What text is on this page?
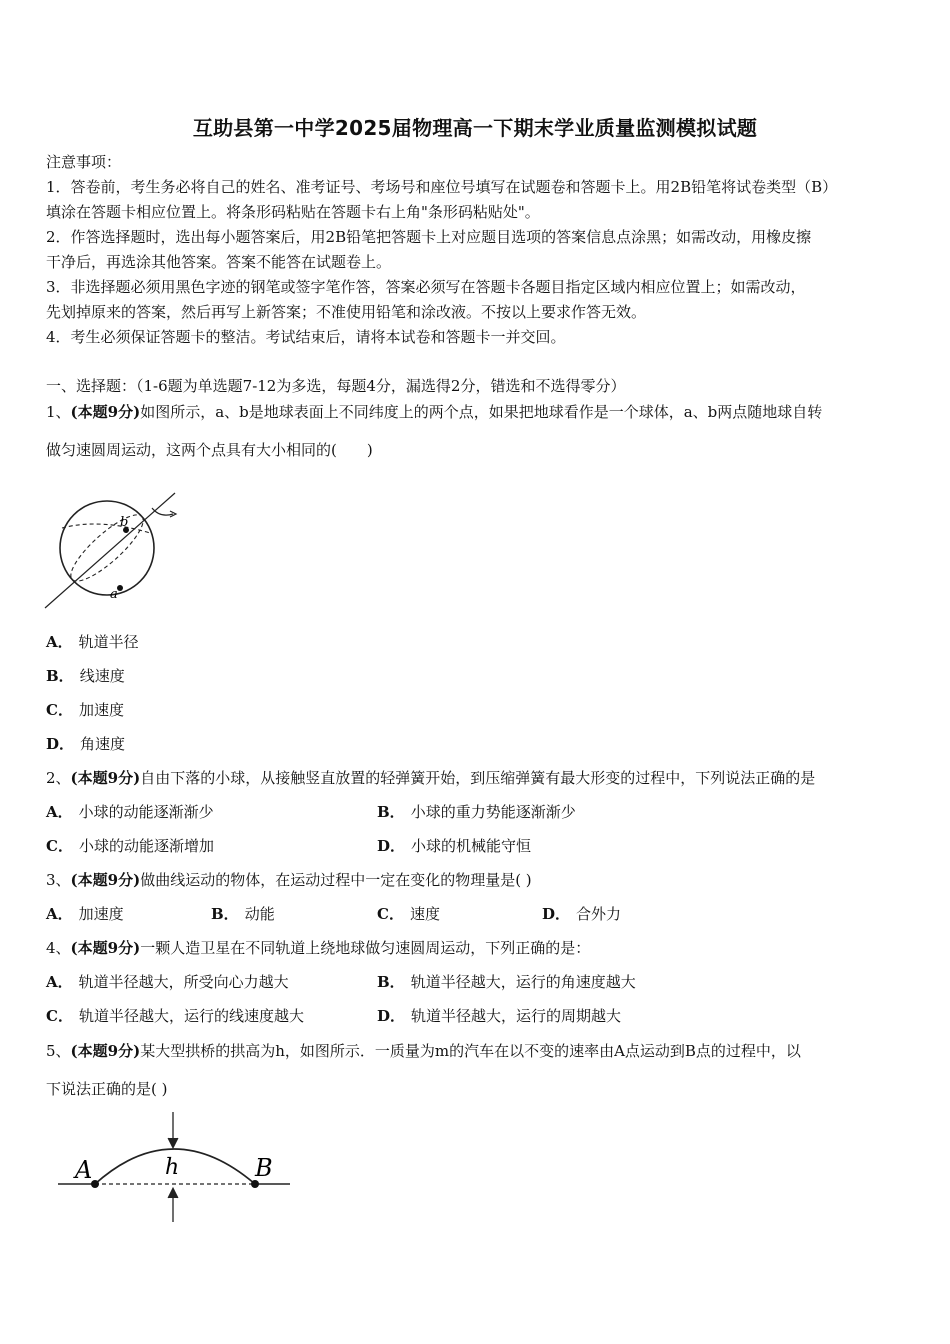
互助县第一中学2025届物理高一下期末学业质量监测模拟试题
注意事项：
1．答卷前，考生务必将自己的姓名、准考证号、考场号和座位号填写在试题卷和答题卡上。用2B铅笔将试卷类型（B）
填涂在答题卡相应位置上。将条形码粘贴在答题卡右上角"条形码粘贴处"。
2．作答选择题时，选出每小题答案后，用2B铅笔把答题卡上对应题目选项的答案信息点涂黑；如需改动，用橡皮擦
干净后，再选涂其他答案。答案不能答在试题卷上。
3．非选择题必须用黑色字迹的钢笔或签字笔作答，答案必须写在答题卡各题目指定区域内相应位置上；如需改动，
先划掉原来的答案，然后再写上新答案；不准使用铅笔和涂改液。不按以上要求作答无效。
4．考生必须保证答题卡的整洁。考试结束后，请将本试卷和答题卡一并交回。
一、选择题：（1-6题为单选题7-12为多选，每题4分，漏选得2分，错选和不选得零分）
1、(本题9分)如图所示，a、b是地球表面上不同纬度上的两个点，如果把地球看作是一个球体，a、b两点随地球自转
做匀速圆周运动，这两个点具有大小相同的(　　)
a
b
A． 轨道半径
B． 线速度
C． 加速度
D． 角速度
2、(本题9分)自由下落的小球，从接触竖直放置的轻弹簧开始，到压缩弹簧有最大形变的过程中，下列说法正确的是
A． 小球的动能逐渐渐少	B． 小球的重力势能逐渐渐少
C． 小球的动能逐渐增加	D． 小球的机械能守恒
3、(本题9分)做曲线运动的物体，在运动过程中一定在变化的物理量是( )
A． 加速度	B． 动能	C． 速度	D． 合外力
4、(本题9分)一颗人造卫星在不同轨道上绕地球做匀速圆周运动，下列正确的是：
A． 轨道半径越大，所受向心力越大	B． 轨道半径越大，运行的角速度越大
C． 轨道半径越大，运行的线速度越大	D． 轨道半径越大，运行的周期越大
5、(本题9分)某大型拱桥的拱高为h，如图所示．一质量为m的汽车在以不变的速率由A点运动到B点的过程中，以
下说法正确的是( )
A	h	B
